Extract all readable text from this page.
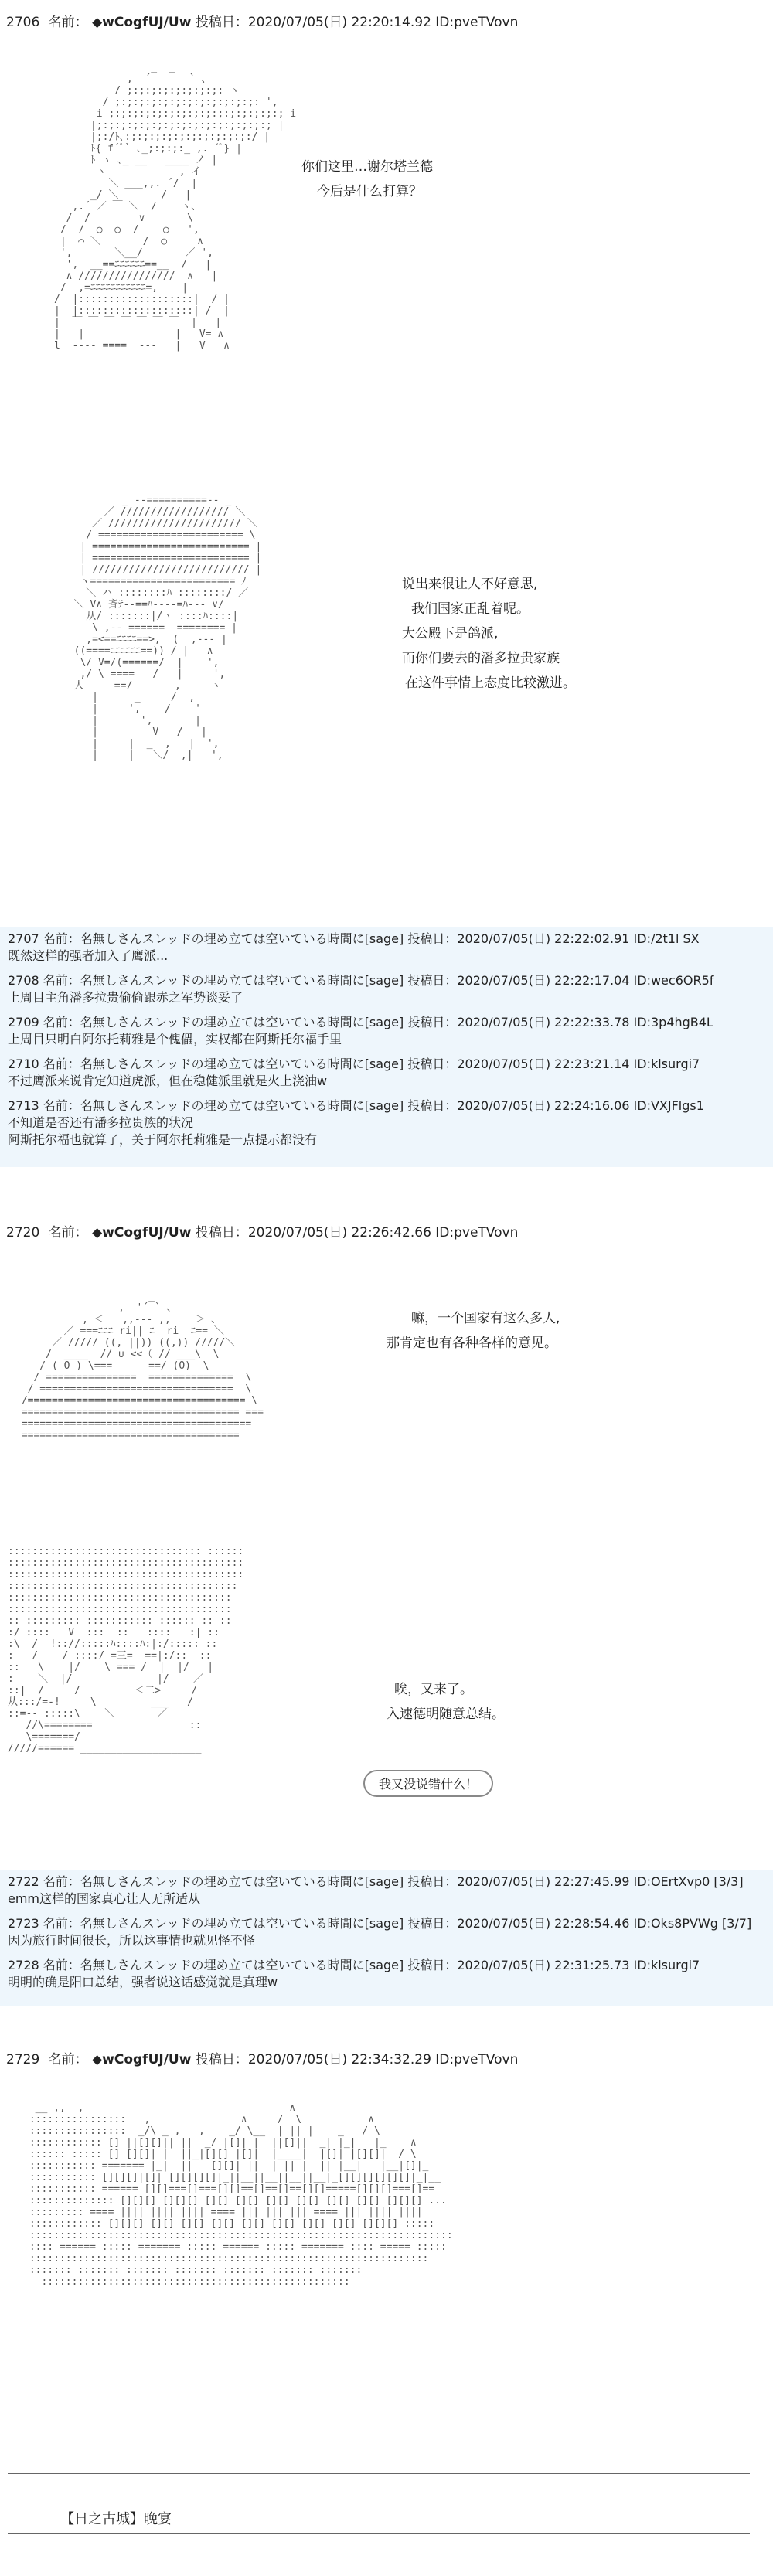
2706 名前： ◆wCogfUJ/Uw 投稿日：2020/07/05(日) 22:20:14.92 ID:pveTVovn
_  _
,  ´ ￣ ￣ ` 、
/ ;:;:;:;:;:;:;:;: ヽ
/ ;:;:;:;:;:;:;:;:;:;:;:;: ',
i ;:;:;:;:;:;:;:;:;:;:;:;:;:;:; i
|;:;:;:;:;:;:;:;:;:;:;:;:;:;:; |
|;:/ﾄ､:;:;:;:;:;:;:;:;:;:;:/ |
ﾄ{ f´ﾟ` ､_;:;:;:_ ,. ´ﾟ} |
ﾄ ヽ ､_ __   ____ ノ |
ヽ            , イ
＼ ___,,. ´/  |
_/ ＼       /   |
,.´ ／ ￣ ＼  /    ヽ、
/  /        ∨       \
/  /  ○  ○  /    ○   ',
|  ⌒ ＼       /  ○     ∧
',       ＼__/       ／ ',
',  __==ﾆﾆﾆﾆﾆﾆ==__  /   |
∧ ////////////////  ∧   |
/  ,=ﾆﾆﾆﾆﾆﾆﾆﾆﾆﾆﾆ=,    |
/  |:::::::::::::::::::|  / |
|  |:::::::::::::::::::| /  |
|  ￣ ￣ ￣ ￣ ￣ ￣ ￣  |   |
|   |               |   V= ∧
l  ---- ====  ---   |   V   ∧

你们这里…谢尔塔兰德
今后是什么打算？
_ --==========-- _
／ ////////////////// ＼
／ ////////////////////// ＼
/ ======================== \
| ========================== |
| ========================== |
| ////////////////////////// |
ヽ======================== ﾉ
＼ ハ ::::::::ﾊ ::::::::/ ／
＼ V∧ 斉ﾃ--==ﾊ----=ﾊ--- ∨/
从/ :::::::|/ヽ ::::ﾊ::::|
\ ,-- ======  ======== |
,=<==ﾆﾆﾆﾆ==>,  (  ,--- |
((====ﾆﾆﾆﾆﾆﾆ==)) / |   ∧
\/ V=/(======/  |    ',
,/ \ ====   /   |     ',
人     ==/       ,     ヽ
|      _     /  ,
|     ',    /    '
|       ',       |
|         V   /   |
|     |  _  ,   |  ',
|     |   ＼/  ,|   ',

说出来很让人不好意思,
我们国家正乱着呢。
大公殿下是鸽派,
而你们要去的潘多拉贵家族
在这件事情上态度比较激进。
2707 名前：名無しさんスレッドの埋め立ては空いている時間に[sage] 投稿日：2020/07/05(日) 22:22:02.91 ID:/2t1l SX
既然这样的强者加入了鹰派...
2708 名前：名無しさんスレッドの埋め立ては空いている時間に[sage] 投稿日：2020/07/05(日) 22:22:17.04 ID:wec6OR5f
上周目主角潘多拉贵偷偷跟赤之军势谈妥了
2709 名前：名無しさんスレッドの埋め立ては空いている時間に[sage] 投稿日：2020/07/05(日) 22:22:33.78 ID:3p4hgB4L
上周目只明白阿尔托莉雅是个傀儡，实权都在阿斯托尔福手里
2710 名前：名無しさんスレッドの埋め立ては空いている時間に[sage] 投稿日：2020/07/05(日) 22:23:21.14 ID:klsurgi7
不过鹰派来说肯定知道虎派，但在稳健派里就是火上浇油w
2713 名前：名無しさんスレッドの埋め立ては空いている時間に[sage] 投稿日：2020/07/05(日) 22:24:16.06 ID:VXJFlgs1
不知道是否还有潘多拉贵族的状况
阿斯托尔福也就算了，关于阿尔托莉雅是一点提示都没有
2720 名前： ◆wCogfUJ/Uw 投稿日：2020/07/05(日) 22:26:42.66 ID:pveTVovn
_
,  '´ ` 、
, ＜   ,,--- ,,    ＞ 、
／ ===ﾆﾆﾆ ri|| ﾆ  ri  ﾆ== ＼
／ ///// ((, ||)) ((,)) /////＼
/  ____  // ∪ <<（ // ___\  \
/ ( O ) \===      ==/ (O)  \
/ ===============  ==============  \
/ ================================  \
/==================================== \
==================================== ===
======================================
====================================

嘛，一个国家有这么多人,
那肯定也有各种各样的意见。
:::::::::::::::::::::::::::::::: ::::::
:::::::::::::::::::::::::::::::::::::::
:::::::::::::::::::::::::::::::::::::::
::::::::::::::::::::::::::::::::::::::
:::::::::::::::::::::::::::::::::::::
:::::::::::::::::::::::::::::::::::::
:: ::::::::: ::::::::::: :::::: :: ::
:/ ::::   V  :::  ::   ::::   :| ::
:\  /  !:://:::::ﾊ::::ﾊ:|:/::::: ::
:   /    / ::::/ =三=  ==|:/::  ::
::   \    |/    \ === /  |  |/   |
:    ＼  |/              |/    ／
::|  /     /         ＜二>     /
从:::/=-!     \         ___   /
::=-- :::::\    ＼       ／
//\========                ::
\=======/
/////====== ____________________

唉，又来了。
入速德明随意总结。
我又没说错什么！
2722 名前：名無しさんスレッドの埋め立ては空いている時間に[sage] 投稿日：2020/07/05(日) 22:27:45.99 ID:OErtXvp0 [3/3]
emm这样的国家真心让人无所适从
2723 名前：名無しさんスレッドの埋め立ては空いている時間に[sage] 投稿日：2020/07/05(日) 22:28:54.46 ID:Oks8PVWg [3/7]
因为旅行时间很长，所以这事情也就见怪不怪
2728 名前：名無しさんスレッドの埋め立ては空いている時間に[sage] 投稿日：2020/07/05(日) 22:31:25.73 ID:klsurgi7
明明的确是阳口总结，强者说这话感觉就是真理w
2729 名前： ◆wCogfUJ/Uw 投稿日：2020/07/05(日) 22:34:32.29 ID:pveTVovn
__ ,,  ,                                  ∧
::::::::::::::::   ,               ∧     /  \           ∧
::::::::::::::::  _/\ _ ,   ,    _/ \__  | || |    _   / \
:::::::::::: [] ||[][]|| ||  _/ |[]| |  ||[]||  _| |_|   |_    ∧
:::::: ::::: [] [][]| |  ||_|[][] |[]|  |____|  |[]| |[][]|  / \
::::::::::: ======= |_|  ||   [][]| ||  | || |  || |__|   |__|[]|_
::::::::::: [][][]|[]| [][][][]|_||__||__||__||__|_[][][][][][]|_|__
::::::::::: ====== [][]===[]===[][]==[]==[]==[][]=====[][][]===[]==
:::::::::::::: [][][] [][][] [][] [][] [][] [][] [][] [][] [][][] ...
::::::::: ==== |||| |||| |||| ==== ||| ||| ||| ==== ||| |||| ||||
:::::::::::: [][][] [][] [][] [][] [][] [][] [][] [][] [][][] :::::
::::::::::::::::::::::::::::::::::::::::::::::::::::::::::::::::::::::
:::: ====== ::::: ======= ::::: ====== ::::: ======= :::: ===== :::::
::::::::::::::::::::::::::::::::::::::::::::::::::::::::::::::::::
::::::: ::::::: ::::::: ::::::: ::::::: ::::::: :::::::
:::::::::::::::::::::::::::::::::::::::::::::::::::

【日之古城】晚宴
